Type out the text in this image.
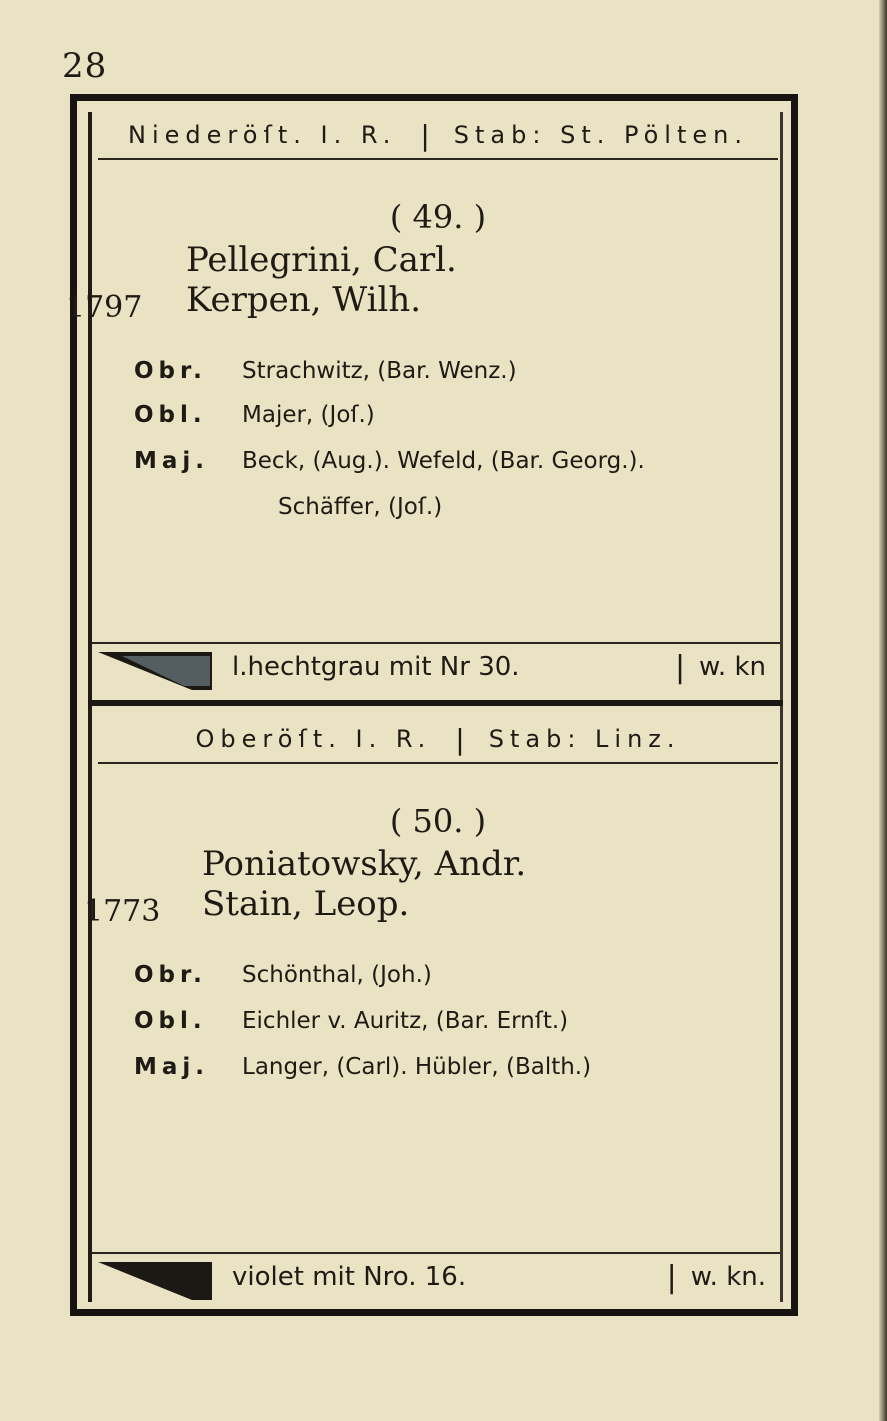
28
Niederöſt. I. R. | Stab: St. Pölten.
( 49. )
Pellegrini, Carl.
1797 Kerpen, Wilh.
Obr. Strachwitz, (Bar. Wenz.)
Obl. Majer, (Joſ.)
Maj. Beck, (Aug.). Wefeld, (Bar. Georg.).
Schäffer, (Joſ.)
l.hechtgrau mit Nr 30.	| w. kn
Oberöſt. I. R. | Stab: Linz.
( 50. )
Poniatowsky, Andr.
1773 Stain, Leop.
Obr. Schönthal, (Joh.)
Obl. Eichler v. Auritz, (Bar. Ernſt.)
Maj. Langer, (Carl). Hübler, (Balth.)
violet mit Nro. 16.	| w. kn.
